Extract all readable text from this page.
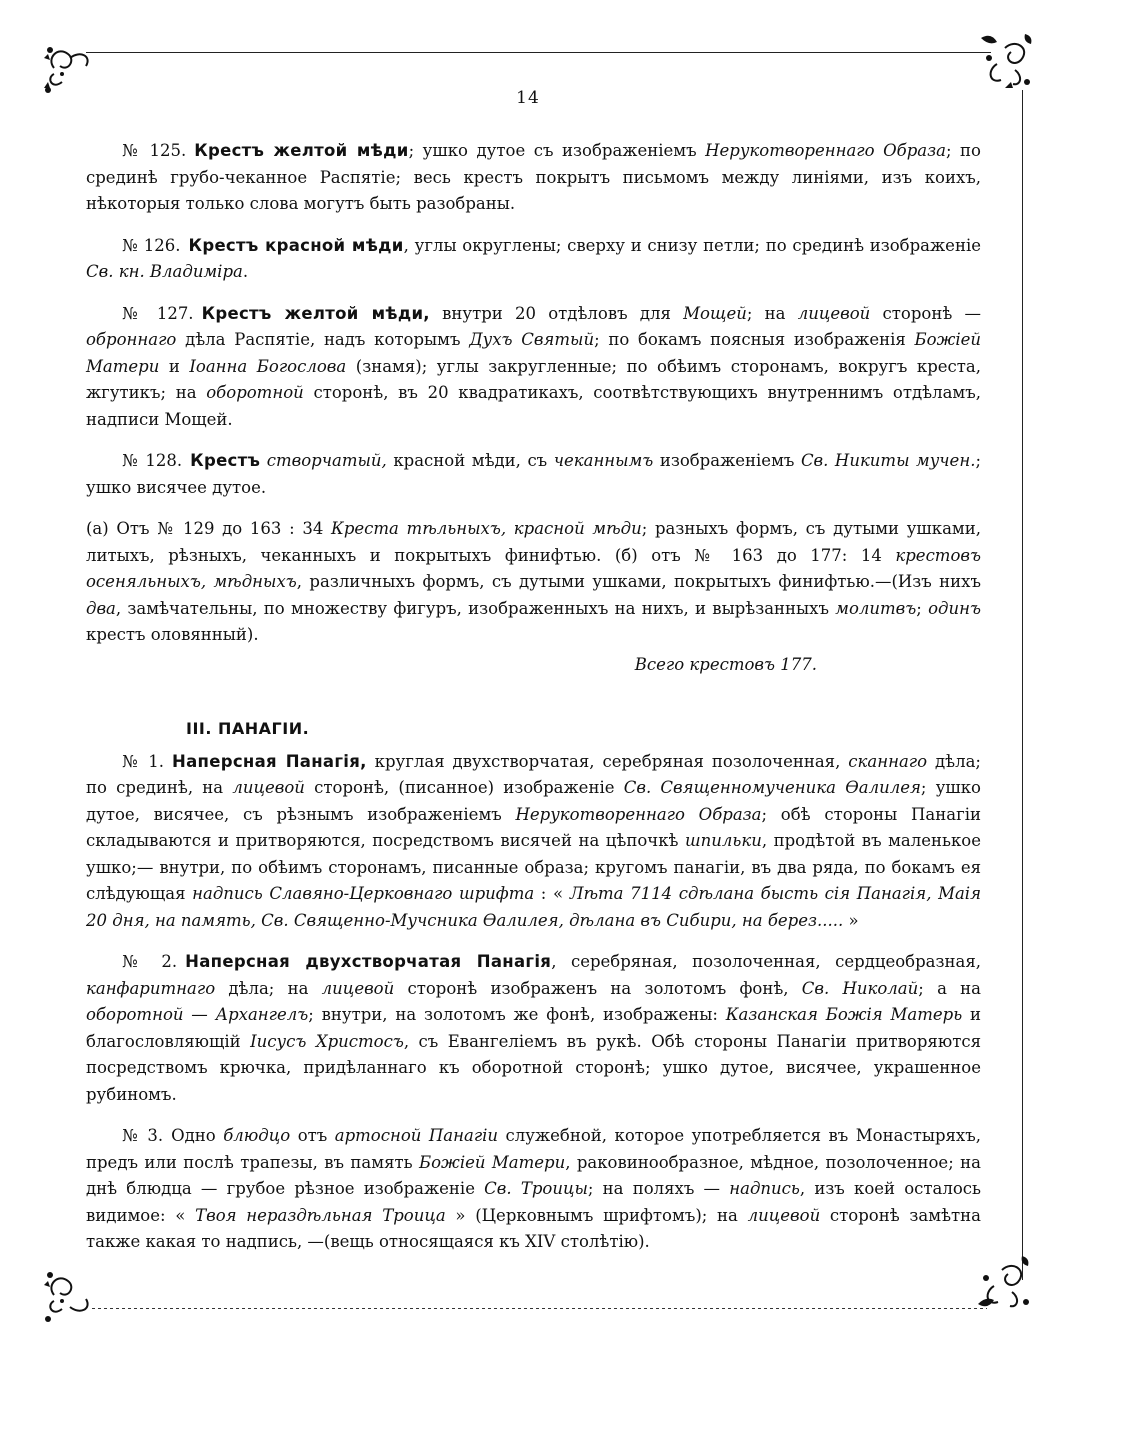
14

№ 125. Крестъ желтой мѣди; ушко дутое съ изображеніемъ Нерукотвореннаго Образа; по срединѣ грубо-чеканное Распятіе; весь крестъ покрытъ письмомъ между линіями, изъ коихъ, нѣкоторыя только слова могутъ быть разобраны.

№ 126. Крестъ красной мѣди, углы округлены; сверху и снизу петли; по срединѣ изображеніе Св. кн. Владиміра.

№ 127. Крестъ желтой мѣди, внутри 20 отдѣловъ для Мощей; на лицевой сторонѣ — оброннаго дѣла Распятіе, надъ которымъ Духъ Святый; по бокамъ поясныя изображенія Божіей Матери и Іоанна Богослова (знамя); углы закругленные; по обѣимъ сторонамъ, вокругъ креста, жгутикъ; на оборотной сторонѣ, въ 20 квадратикахъ, соотвѣтствующихъ внутреннимъ отдѣламъ, надписи Мощей.

№ 128. Крестъ створчатый, красной мѣди, съ чеканнымъ изображеніемъ Св. Никиты мучен.; ушко висячее дутое.

(а) Отъ № 129 до 163 : 34 Креста тѣльныхъ, красной мѣди; разныхъ формъ, съ дутыми ушками, литыхъ, рѣзныхъ, чеканныхъ и покрытыхъ финифтью. (б) отъ № 163 до 177: 14 крестовъ осеняльныхъ, мѣдныхъ, различныхъ формъ, съ дутыми ушками, покрытыхъ финифтью.—(Изъ нихъ два, замѣчательны, по множеству фигуръ, изображенныхъ на нихъ, и вырѣзанныхъ молитвъ; одинъ крестъ оловянный).

Всего крестовъ 177.
III. ПАНАГІИ.

№ 1. Наперсная Панагія, круглая двухстворчатая, серебряная позолоченная, сканнаго дѣла; по срединѣ, на лицевой сторонѣ, (писанное) изображеніе Св. Священномученика Ѳалилея; ушко дутое, висячее, съ рѣзнымъ изображеніемъ Нерукотвореннаго Образа; обѣ стороны Панагіи складываются и притворяются, посредствомъ висячей на цѣпочкѣ шпильки, продѣтой въ маленькое ушко;— внутри, по обѣимъ сторонамъ, писанные образа; кругомъ панагіи, въ два ряда, по бокамъ ея слѣдующая надпись Славяно-Церковнаго шрифта : « Лѣта 7114 сдѣлана бысть сія Панагія, Маія 20 дня, на память, Св. Священно-Мучсника Ѳалилея, дѣлана въ Сибири, на берез..... »

№ 2. Наперсная двухстворчатая Панагія, серебряная, позолоченная, сердцеобразная, канфаритнаго дѣла; на лицевой сторонѣ изображенъ на золотомъ фонѣ, Св. Николай; а на оборотной — Архангелъ; внутри, на золотомъ же фонѣ, изображены: Казанская Божія Матерь и благословляющій Іисусъ Христосъ, съ Евангеліемъ въ рукѣ. Обѣ стороны Панагіи притворяются посредствомъ крючка, придѣланнаго къ оборотной сторонѣ; ушко дутое, висячее, украшенное рубиномъ.

№ 3. Одно блюдцо отъ артосной Панагіи служебной, которое употребляется въ Монастыряхъ, предъ или послѣ трапезы, въ память Божіей Матери, раковинообразное, мѣдное, позолоченное; на днѣ блюдца — грубое рѣзное изображеніе Св. Троицы; на поляхъ — надпись, изъ коей осталось видимое: « Твоя нераздѣльная Троица » (Церковнымъ шрифтомъ); на лицевой сторонѣ замѣтна также какая то надпись, —(вещь относящаяся къ XIV столѣтію).
